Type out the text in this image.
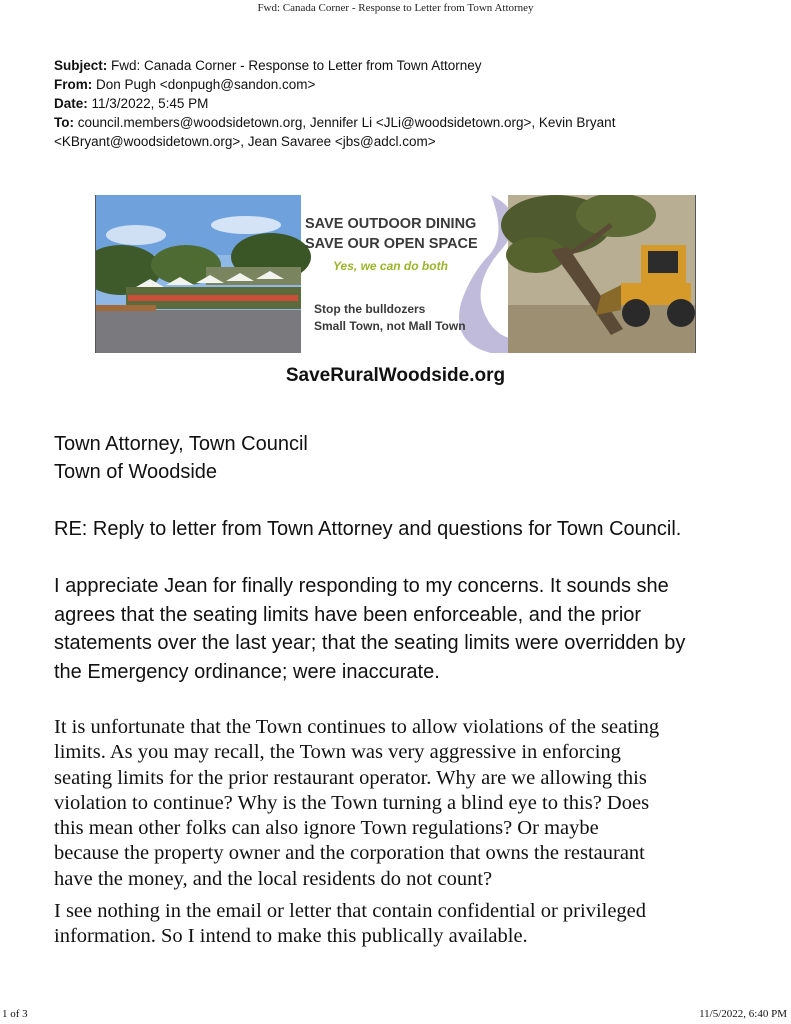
Fwd: Canada Corner - Response to Letter from Town Attorney
Subject: Fwd: Canada Corner - Response to Letter from Town Attorney
From: Don Pugh <donpugh@sandon.com>
Date: 11/3/2022, 5:45 PM
To: council.members@woodsidetown.org, Jennifer Li <JLi@woodsidetown.org>, Kevin Bryant
<KBryant@woodsidetown.org>, Jean Savaree <jbs@adcl.com>
SAVE OUTDOOR DINING
SAVE OUR OPEN SPACE
Yes, we can do both
Stop the bulldozers
Small Town, not Mall Town
SaveRuralWoodside.org
Town Attorney, Town Council
Town of Woodside
RE: Reply to letter from Town Attorney and questions for Town Council.
I appreciate Jean for finally responding to my concerns. It sounds she
agrees that the seating limits have been enforceable, and the prior
statements over the last year; that the seating limits were overridden by
the Emergency ordinance; were inaccurate.
It is unfortunate that the Town continues to allow violations of the seating
limits. As you may recall, the Town was very aggressive in enforcing
seating limits for the prior restaurant operator. Why are we allowing this
violation to continue? Why is the Town turning a blind eye to this? Does
this mean other folks can also ignore Town regulations? Or maybe
because the property owner and the corporation that owns the restaurant
have the money, and the local residents do not count?
I see nothing in the email or letter that contain confidential or privileged
information. So I intend to make this publically available.
1 of 3	11/5/2022, 6:40 PM
